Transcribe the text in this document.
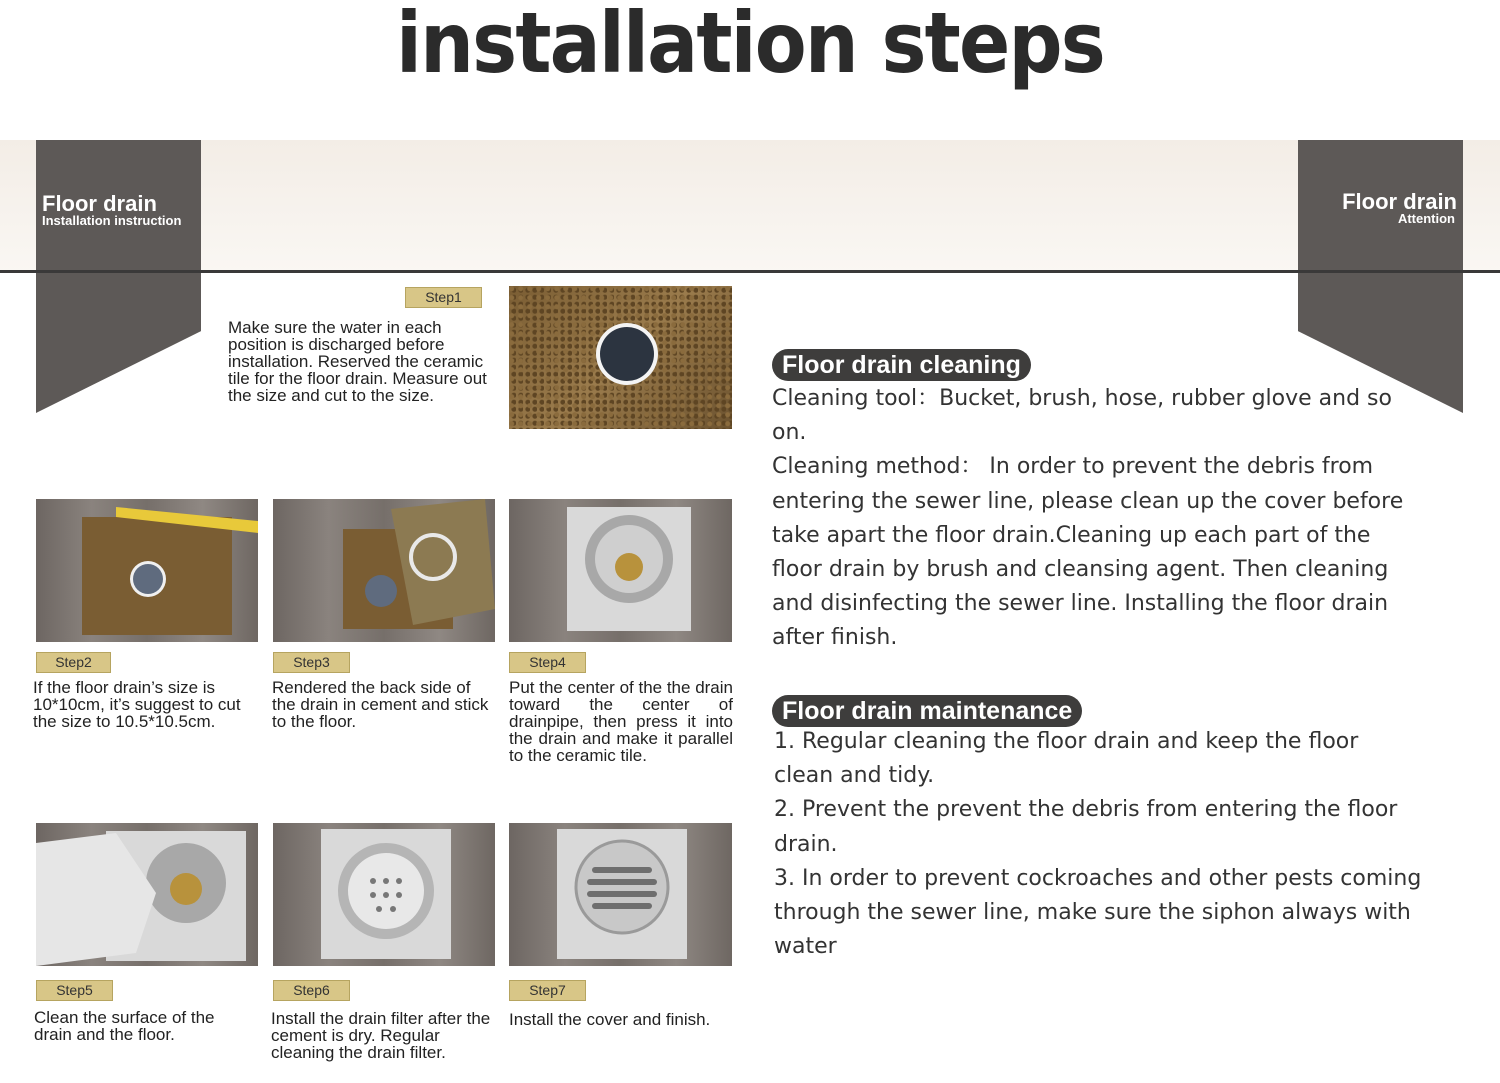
installation steps
Floor drain
Installation instruction
Floor drain
Attention
Step1
Make sure the water in each position is discharged before installation. Reserved the ceramic tile for the floor drain. Measure out the size and cut to the size.
Step2
If the floor drain’s size is 10*10cm, it’s suggest to cut the size to 10.5*10.5cm.
Step3
Rendered the back side of the drain in cement and stick to the floor.
Step4
Put the center of the the drain toward the center of drainpipe, then press it into the drain and make it parallel to the ceramic tile.
Step5
Clean the surface of the drain and the floor.
Step6
Install the drain filter after the cement is dry. Regular cleaning the drain filter.
Step7
Install the cover and finish.
Floor drain cleaning
Cleaning tool：Bucket, brush, hose, rubber glove and so on.
Cleaning method： In order to prevent the debris from entering the sewer line, please clean up the cover before take apart the floor drain.Cleaning up each part of the floor drain by brush and cleansing agent. Then cleaning and disinfecting the sewer line. Installing the floor drain after finish.
Floor drain maintenance
1. Regular cleaning the floor drain and keep the floor clean and tidy.
2. Prevent the prevent the debris from entering the floor drain.
3. In order to prevent cockroaches and other pests coming through the sewer line, make sure the siphon always with water
